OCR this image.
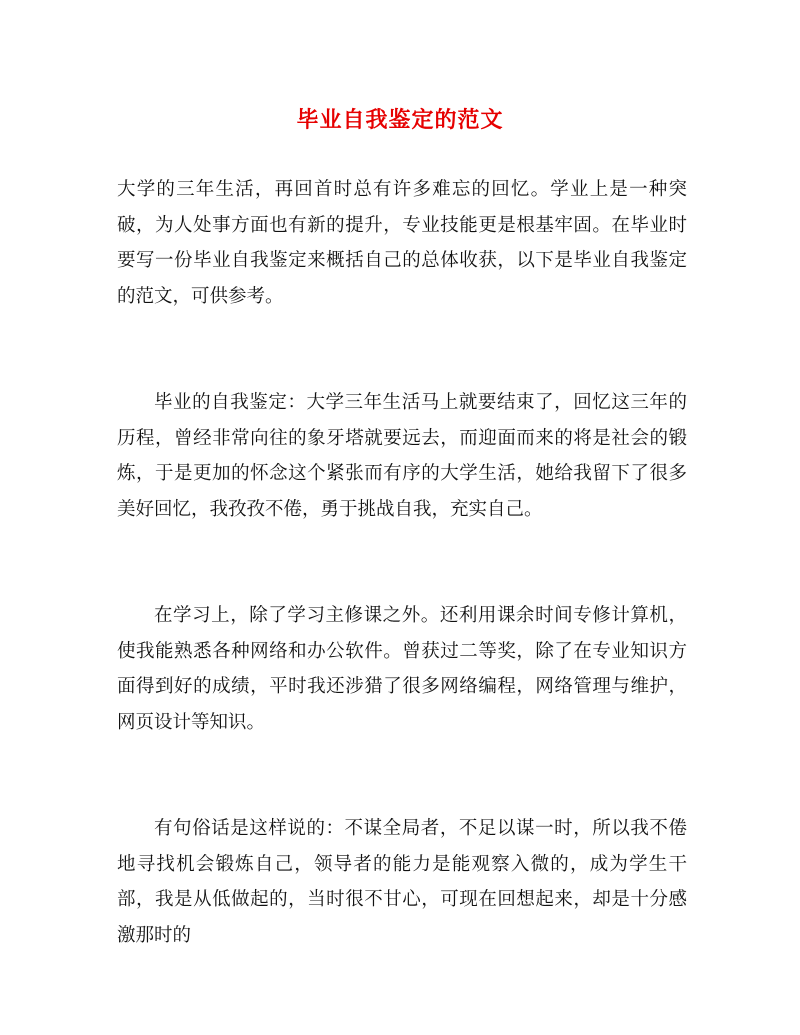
毕业自我鉴定的范文

大学的三年生活，再回首时总有许多难忘的回忆。学业上是一种突破，为人处事方面也有新的提升，专业技能更是根基牢固。在毕业时要写一份毕业自我鉴定来概括自己的总体收获，以下是毕业自我鉴定的范文，可供参考。

毕业的自我鉴定：大学三年生活马上就要结束了，回忆这三年的历程，曾经非常向往的象牙塔就要远去，而迎面而来的将是社会的锻炼，于是更加的怀念这个紧张而有序的大学生活，她给我留下了很多美好回忆，我孜孜不倦，勇于挑战自我，充实自己。

在学习上，除了学习主修课之外。还利用课余时间专修计算机，使我能熟悉各种网络和办公软件。曾获过二等奖，除了在专业知识方面得到好的成绩，平时我还涉猎了很多网络编程，网络管理与维护，网页设计等知识。

有句俗话是这样说的：不谋全局者，不足以谋一时，所以我不倦地寻找机会锻炼自己，领导者的能力是能观察入微的，成为学生干部，我是从低做起的，当时很不甘心，可现在回想起来，却是十分感激那时的
